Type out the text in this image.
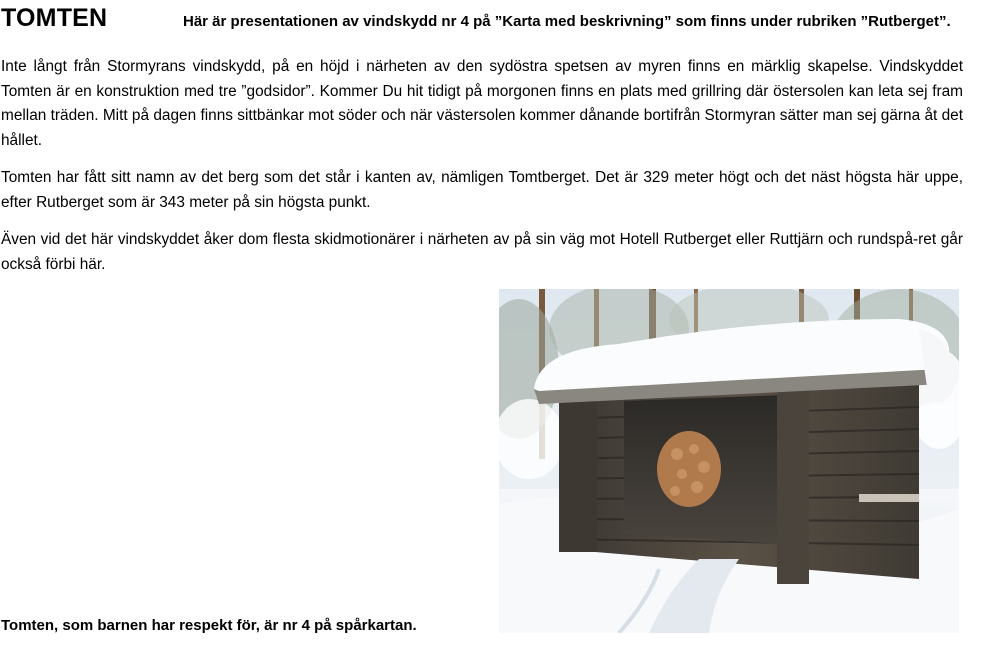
TOMTEN	Här är presentationen av vindskydd nr 4 på ”Karta med beskrivning” som finns under rubriken ”Rutberget”.

Inte långt från Stormyrans vindskydd, på en höjd i närheten av den sydöstra spetsen av myren finns en märklig skapelse. Vindskyddet Tomten är en konstruktion med tre ”godsidor”. Kommer Du hit tidigt på morgonen finns en plats med grillring där östersolen kan leta sej fram mellan träden. Mitt på dagen finns sittbänkar mot söder och när västersolen kommer dånande bortifrån Stormyran sätter man sej gärna åt det hållet.

Tomten har fått sitt namn av det berg som det står i kanten av, nämligen Tomtberget. Det är 329 meter högt och det näst högsta här uppe, efter Rutberget som är 343 meter på sin högsta punkt.

Även vid det här vindskyddet åker dom flesta skidmotionärer i närheten av på sin väg mot Hotell Rutberget eller Ruttjärn och rundspå-ret går också förbi här.

Tomten, som barnen har respekt för, är nr 4 på spårkartan.
